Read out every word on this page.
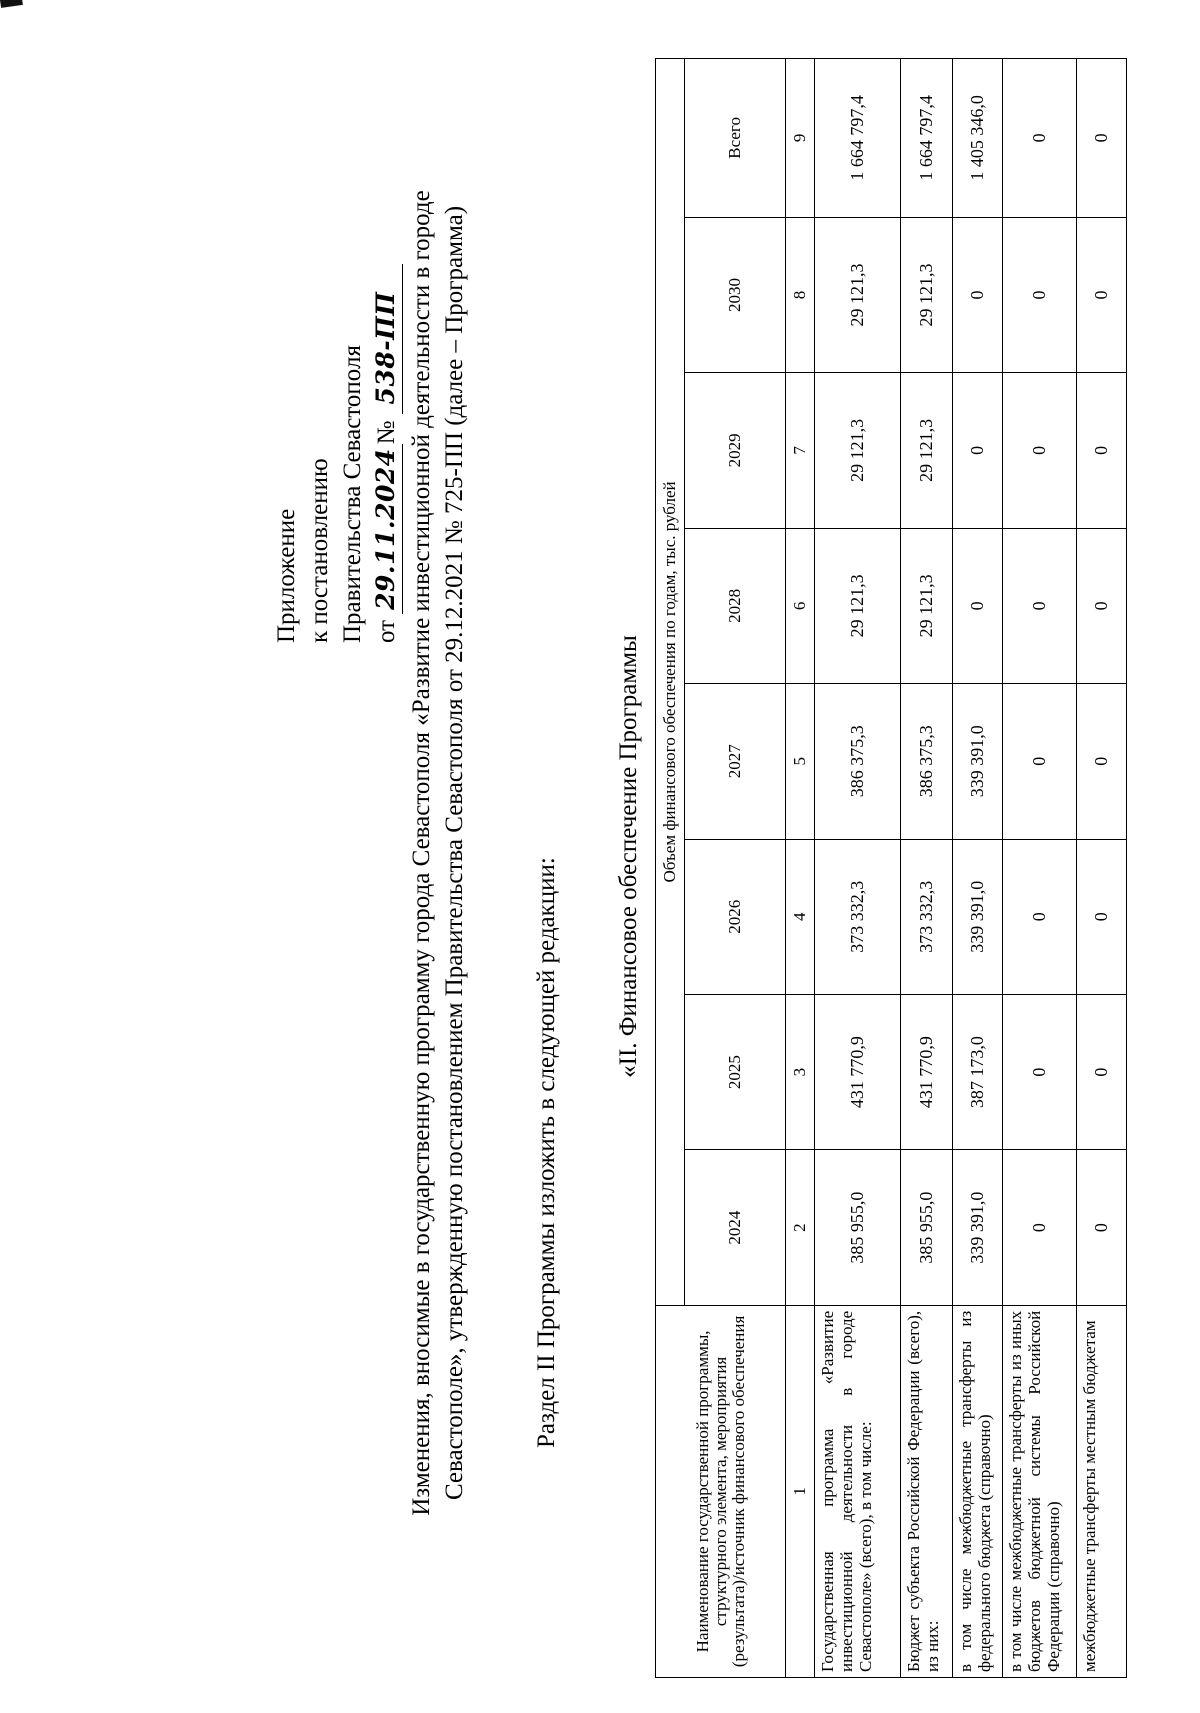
Приложение к постановлению Правительства Севастополя от
29.11.2024
№
538-ПП Изменения, вносимые в государственную программу города Севастополя «Развитие инвестиционной деятельности в городе Севастополе», утвержденную постановлением Правительства Севастополя от 29.12.2021 № 725-ПП (далее – Программа)	Раздел II Программы изложить в следующей редакции:
«II. Финансовое обеспечение Программы
Наименование государственной программы, структурного элемента, мероприятия (результата)/источник финансового обеспечения	Объем финансового обеспечения по годам, тыс. рублей							
	2024	2025	2026	2027	2028	2029	2030	Всего
1	2	3	4	5	6	7	8	9
Государственная программа «Развитие инвестиционной деятельности в городе Севастополе» (всего), в том числе:	385 955,0	431 770,9	373 332,3	386 375,3	29 121,3	29 121,3	29 121,3	1 664 797,4
Бюджет субъекта Российской Федерации (всего), из них:	385 955,0	431 770,9	373 332,3	386 375,3	29 121,3	29 121,3	29 121,3	1 664 797,4
в том числе межбюджетные трансферты из федерального бюджета (справочно)	339 391,0	387 173,0	339 391,0	339 391,0	0	0	0	1 405 346,0
в том числе межбюджетные трансферты из иных бюджетов бюджетной системы Российской Федерации (справочно)	0	0	0	0	0	0	0	0
межбюджетные трансферты местным бюджетам	0	0	0	0	0	0	0	0
